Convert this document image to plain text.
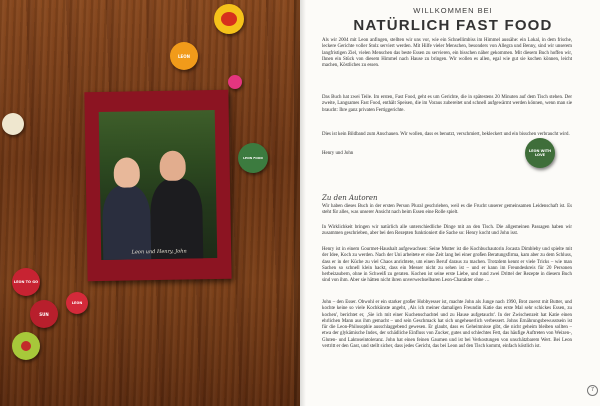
LEON
LEON FOOD
LEON TO GO
SUN
LEON
Leon und Henry, John
LEON WITH LOVE
WILLKOMMEN BEI
NATÜRLICH FAST FOOD

Als wir 2004 mit Leon anfingen, stellten wir uns vor, wie ein Schnellimbiss im Himmel aussähe: ein Lokal, in dem frische, leckere Gerichte voller Stolz serviert werden. Mit Hilfe vieler Menschen, besonders von Allegra und Benny, sind wir unserem langfristigen Ziel, vielen Menschen das beste Essen zu servieren, ein bisschen näher gekommen. Mit diesem Buch hoffen wir, Ihnen ein Stück von diesem Himmel nach Hause zu bringen. Wir wollen es allen, egal wie gut sie kochen können, leicht machen, Köstliches zu essen.

Das Buch hat zwei Teile. Im ersten, Fast Food, geht es um Gerichte, die in spätestens 20 Minuten auf dem Tisch stehen. Der zweite, Langsames Fast Food, enthält Speisen, die im Voraus zubereitet und schnell aufgewärmt werden können, wenn man sie braucht: Ihre ganz privaten Fertiggerichte.

Dies ist kein Bildband zum Anschauen. Wir wollen, dass es benutzt, verschmiert, bekleckert und ein bisschen verbraucht wird.

Henry und John

Zu den Autoren

Wir haben dieses Buch in der ersten Person Plural geschrieben, weil es die Frucht unserer gemeinsamen Leidenschaft ist. Es steht für alles, was unserer Ansicht nach beim Essen eine Rolle spielt.

In Wirklichkeit bringen wir natürlich alle unterschiedliche Dinge mit an den Tisch. Die allgemeinen Passagen haben wir zusammen geschrieben, aber bei den Rezepten funktioniert die Sache so: Henry kocht und John isst.

Henry ist in einem Gourmet-Haushalt aufgewachsen: Seine Mutter ist die Kochbuchautorin Jocasta Dimbleby und spielte mit der Idee, Koch zu werden. Nach der Uni arbeitete er eine Zeit lang bei einer großen Beratungsfirma, kam aber zu dem Schluss, dass er in der Küche zu viel Chaos anrichtete, um einen Beruf daraus zu machen. Trotzdem kennt er viele Tricks – wie man Sachen so schnell klein hackt, dass ein Messer nicht zu sehen ist – und er kann im Freundeskreis für 20 Personen herbeizaubern, ohne in Schweiß zu geraten. Kochen ist seine erste Liebe, und rund zwei Drittel der Rezepte in diesem Buch sind von ihm. Aber sie hätten nicht ihren unverwechselbaren Leon-Charakter ohne …

John – den Esser. Obwohl er ein starker großer Hobbyesser ist, machte John als Junge nach 1990, Brot zuerst mit Butter, und kochte keine so viele Kochkünste angeht, ‚Als ich meiner damaligen Freundin Katie das erste Mal sehr schickes Essen, zu kochen', berichtet er, ‚Sie ich mit einer Kuchenschachtel und zu Hause aufgetaucht'. In der Zwischenzeit hat Katie einen ehrlichen Mann aus ihm gemacht – und sein Geschmack hat sich ungeheuerlich verbessert. Johns Ernährungsbewusstsein ist für die Leon-Philosophie ausschlaggebend gewesen. Er glaubt, dass es Geheimnisse gibt, die nicht geheim bleiben sollten – etwa der glykämische Index, der schädliche Einfluss von Zucker, gutes und schlechtes Fett, das häufige Auftreten von Weizen-, Gluten- und Laktoseintoleranz. John hat einen feinen Gaumen und ist bei Verkostungen von unschätzbarem Wert. Bei Leon vertritt er den Gast, und stellt sicher, dass jedes Gericht, das bei Leon auf den Tisch kommt, einfach köstlich ist.

7
